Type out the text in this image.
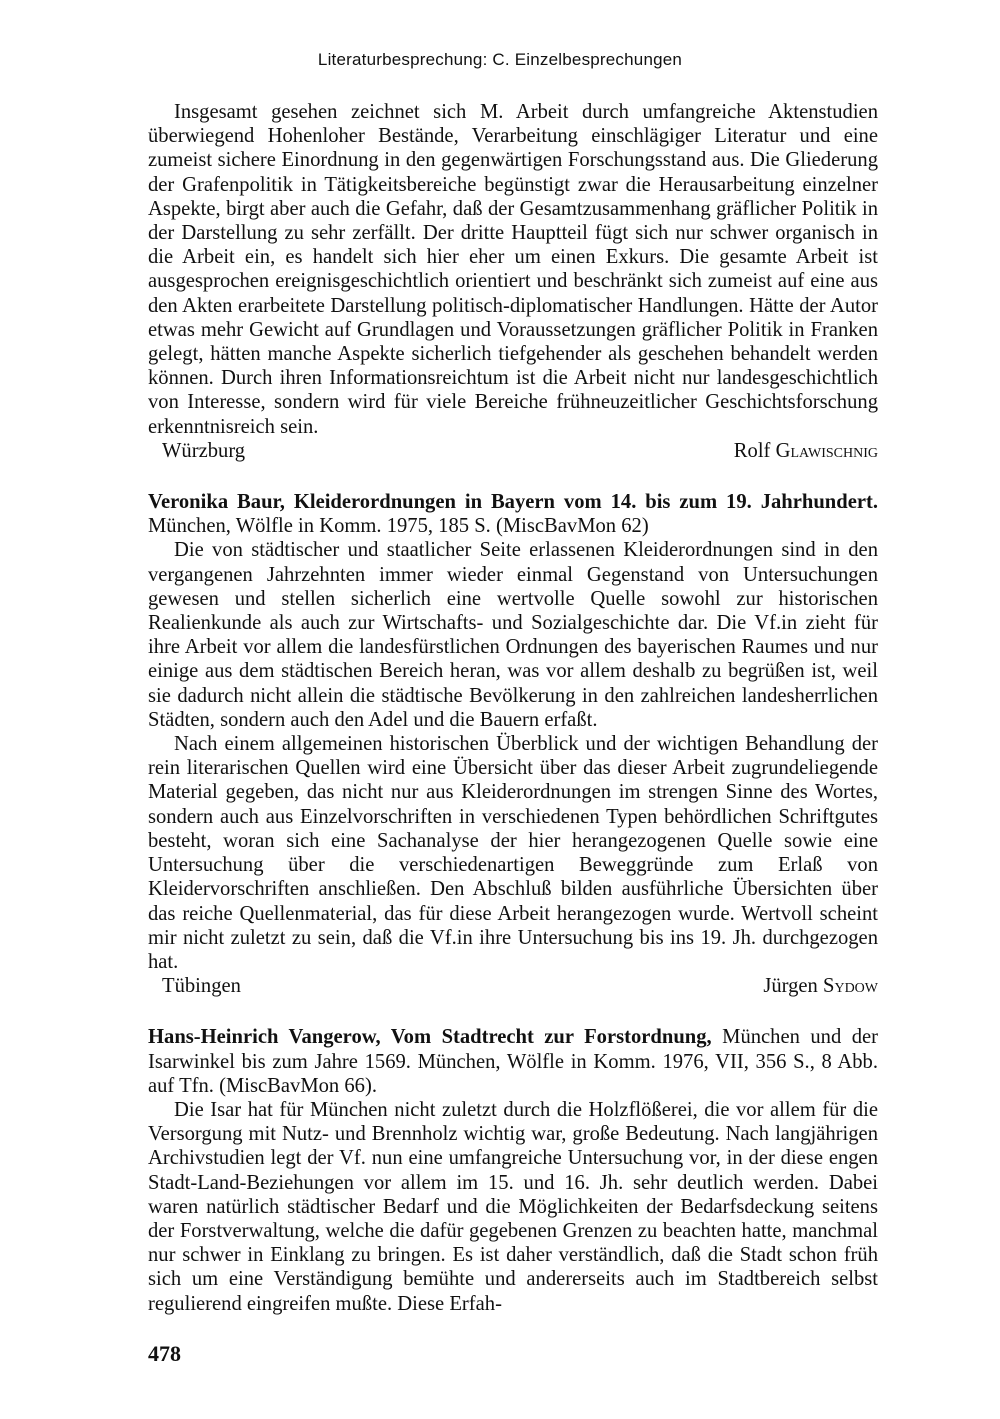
Literaturbesprechung: C. Einzelbesprechungen

Insgesamt gesehen zeichnet sich M. Arbeit durch umfangreiche Aktenstudien überwiegend Hohenloher Bestände, Verarbeitung einschlägiger Literatur und eine zumeist sichere Einordnung in den gegenwärtigen Forschungsstand aus. Die Gliederung der Grafenpolitik in Tätigkeitsbereiche begünstigt zwar die Herausarbeitung einzelner Aspekte, birgt aber auch die Gefahr, daß der Gesamtzusammenhang gräflicher Politik in der Darstellung zu sehr zerfällt. Der dritte Hauptteil fügt sich nur schwer organisch in die Arbeit ein, es handelt sich hier eher um einen Exkurs. Die gesamte Arbeit ist ausgesprochen ereignisgeschichtlich orientiert und beschränkt sich zumeist auf eine aus den Akten erarbeitete Darstellung politisch-diplomatischer Handlungen. Hätte der Autor etwas mehr Gewicht auf Grundlagen und Voraussetzungen gräflicher Politik in Franken gelegt, hätten manche Aspekte sicherlich tiefgehender als geschehen behandelt werden können. Durch ihren Informationsreichtum ist die Arbeit nicht nur landesgeschichtlich von Interesse, sondern wird für viele Bereiche frühneuzeitlicher Geschichtsforschung erkenntnisreich sein.

Würzburg	Rolf Glawischnig

Veronika Baur, Kleiderordnungen in Bayern vom 14. bis zum 19. Jahrhundert. München, Wölfle in Komm. 1975, 185 S. (MiscBavMon 62)

Die von städtischer und staatlicher Seite erlassenen Kleiderordnungen sind in den vergangenen Jahrzehnten immer wieder einmal Gegenstand von Untersuchungen gewesen und stellen sicherlich eine wertvolle Quelle sowohl zur historischen Realienkunde als auch zur Wirtschafts- und Sozialgeschichte dar. Die Vf.in zieht für ihre Arbeit vor allem die landesfürstlichen Ordnungen des bayerischen Raumes und nur einige aus dem städtischen Bereich heran, was vor allem deshalb zu begrüßen ist, weil sie dadurch nicht allein die städtische Bevölkerung in den zahlreichen landesherrlichen Städten, sondern auch den Adel und die Bauern erfaßt.

Nach einem allgemeinen historischen Überblick und der wichtigen Behandlung der rein literarischen Quellen wird eine Übersicht über das dieser Arbeit zugrundeliegende Material gegeben, das nicht nur aus Kleiderordnungen im strengen Sinne des Wortes, sondern auch aus Einzelvorschriften in verschiedenen Typen behördlichen Schriftgutes besteht, woran sich eine Sachanalyse der hier herangezogenen Quelle sowie eine Untersuchung über die verschiedenartigen Beweggründe zum Erlaß von Kleidervorschriften anschließen. Den Abschluß bilden ausführliche Übersichten über das reiche Quellenmaterial, das für diese Arbeit herangezogen wurde. Wertvoll scheint mir nicht zuletzt zu sein, daß die Vf.in ihre Untersuchung bis ins 19. Jh. durchgezogen hat.

Tübingen	Jürgen Sydow

Hans-Heinrich Vangerow, Vom Stadtrecht zur Forstordnung, München und der Isarwinkel bis zum Jahre 1569. München, Wölfle in Komm. 1976, VII, 356 S., 8 Abb. auf Tfn. (MiscBavMon 66).

Die Isar hat für München nicht zuletzt durch die Holzflößerei, die vor allem für die Versorgung mit Nutz- und Brennholz wichtig war, große Bedeutung. Nach langjährigen Archivstudien legt der Vf. nun eine umfangreiche Untersuchung vor, in der diese engen Stadt-Land-Beziehungen vor allem im 15. und 16. Jh. sehr deutlich werden. Dabei waren natürlich städtischer Bedarf und die Möglichkeiten der Bedarfsdeckung seitens der Forstverwaltung, welche die dafür gegebenen Grenzen zu beachten hatte, manchmal nur schwer in Einklang zu bringen. Es ist daher verständlich, daß die Stadt schon früh sich um eine Verständigung bemühte und andererseits auch im Stadtbereich selbst regulierend eingreifen mußte. Diese Erfah-

478
